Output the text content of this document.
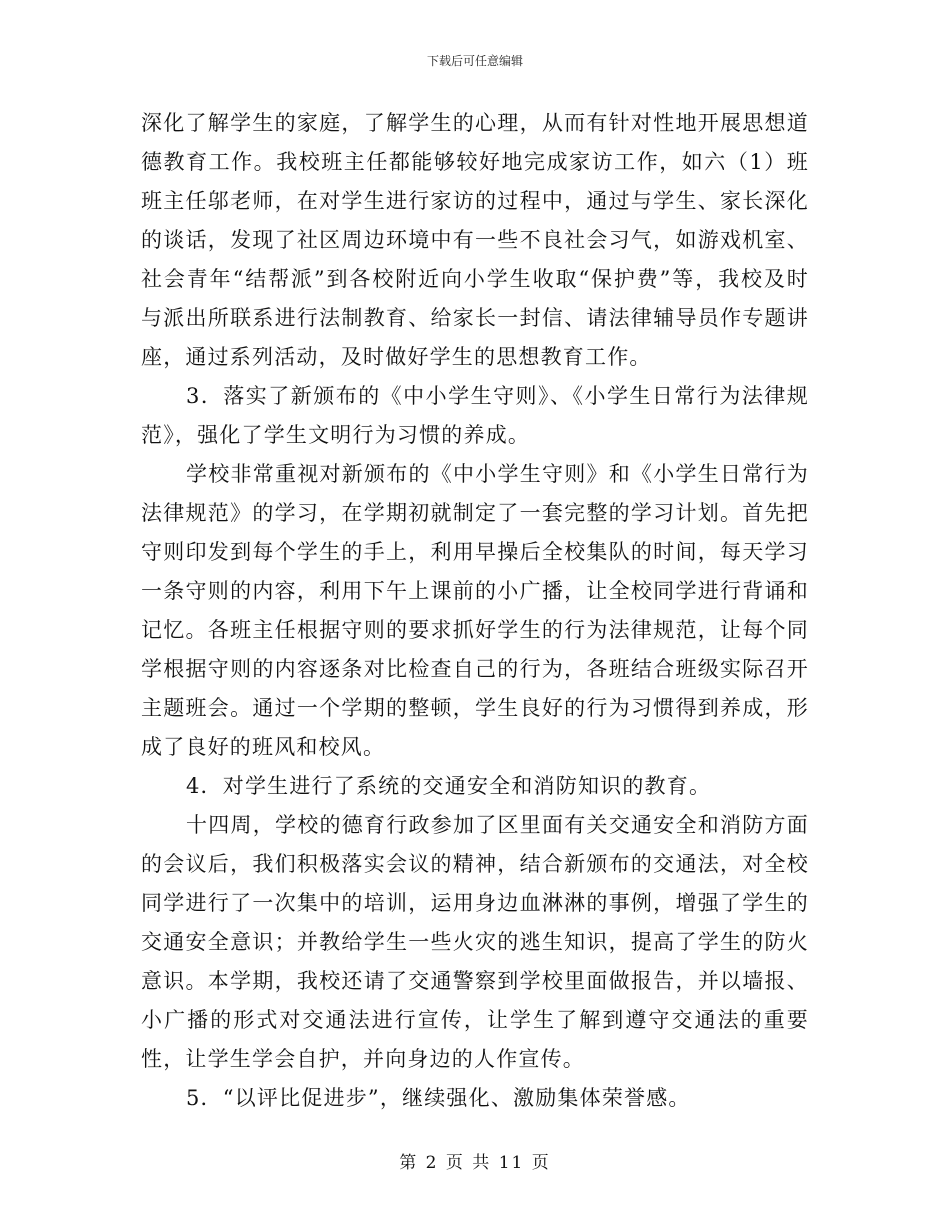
下载后可任意编辑

深化了解学生的家庭，了解学生的心理，从而有针对性地开展思想道德教育工作。我校班主任都能够较好地完成家访工作，如六（1）班班主任邬老师，在对学生进行家访的过程中，通过与学生、家长深化的谈话，发现了社区周边环境中有一些不良社会习气，如游戏机室、社会青年“结帮派”到各校附近向小学生收取“保护费”等，我校及时与派出所联系进行法制教育、给家长一封信、请法律辅导员作专题讲座，通过系列活动，及时做好学生的思想教育工作。

3．落实了新颁布的《中小学生守则》、《小学生日常行为法律规范》，强化了学生文明行为习惯的养成。

学校非常重视对新颁布的《中小学生守则》和《小学生日常行为法律规范》的学习，在学期初就制定了一套完整的学习计划。首先把守则印发到每个学生的手上，利用早操后全校集队的时间，每天学习一条守则的内容，利用下午上课前的小广播，让全校同学进行背诵和记忆。各班主任根据守则的要求抓好学生的行为法律规范，让每个同学根据守则的内容逐条对比检查自己的行为，各班结合班级实际召开主题班会。通过一个学期的整顿，学生良好的行为习惯得到养成，形成了良好的班风和校风。

4．对学生进行了系统的交通安全和消防知识的教育。

十四周，学校的德育行政参加了区里面有关交通安全和消防方面的会议后，我们积极落实会议的精神，结合新颁布的交通法，对全校同学进行了一次集中的培训，运用身边血淋淋的事例，增强了学生的交通安全意识；并教给学生一些火灾的逃生知识，提高了学生的防火意识。本学期，我校还请了交通警察到学校里面做报告，并以墙报、小广播的形式对交通法进行宣传，让学生了解到遵守交通法的重要性，让学生学会自护，并向身边的人作宣传。

5．“以评比促进步”，继续强化、激励集体荣誉感。

第 2 页 共 11 页
